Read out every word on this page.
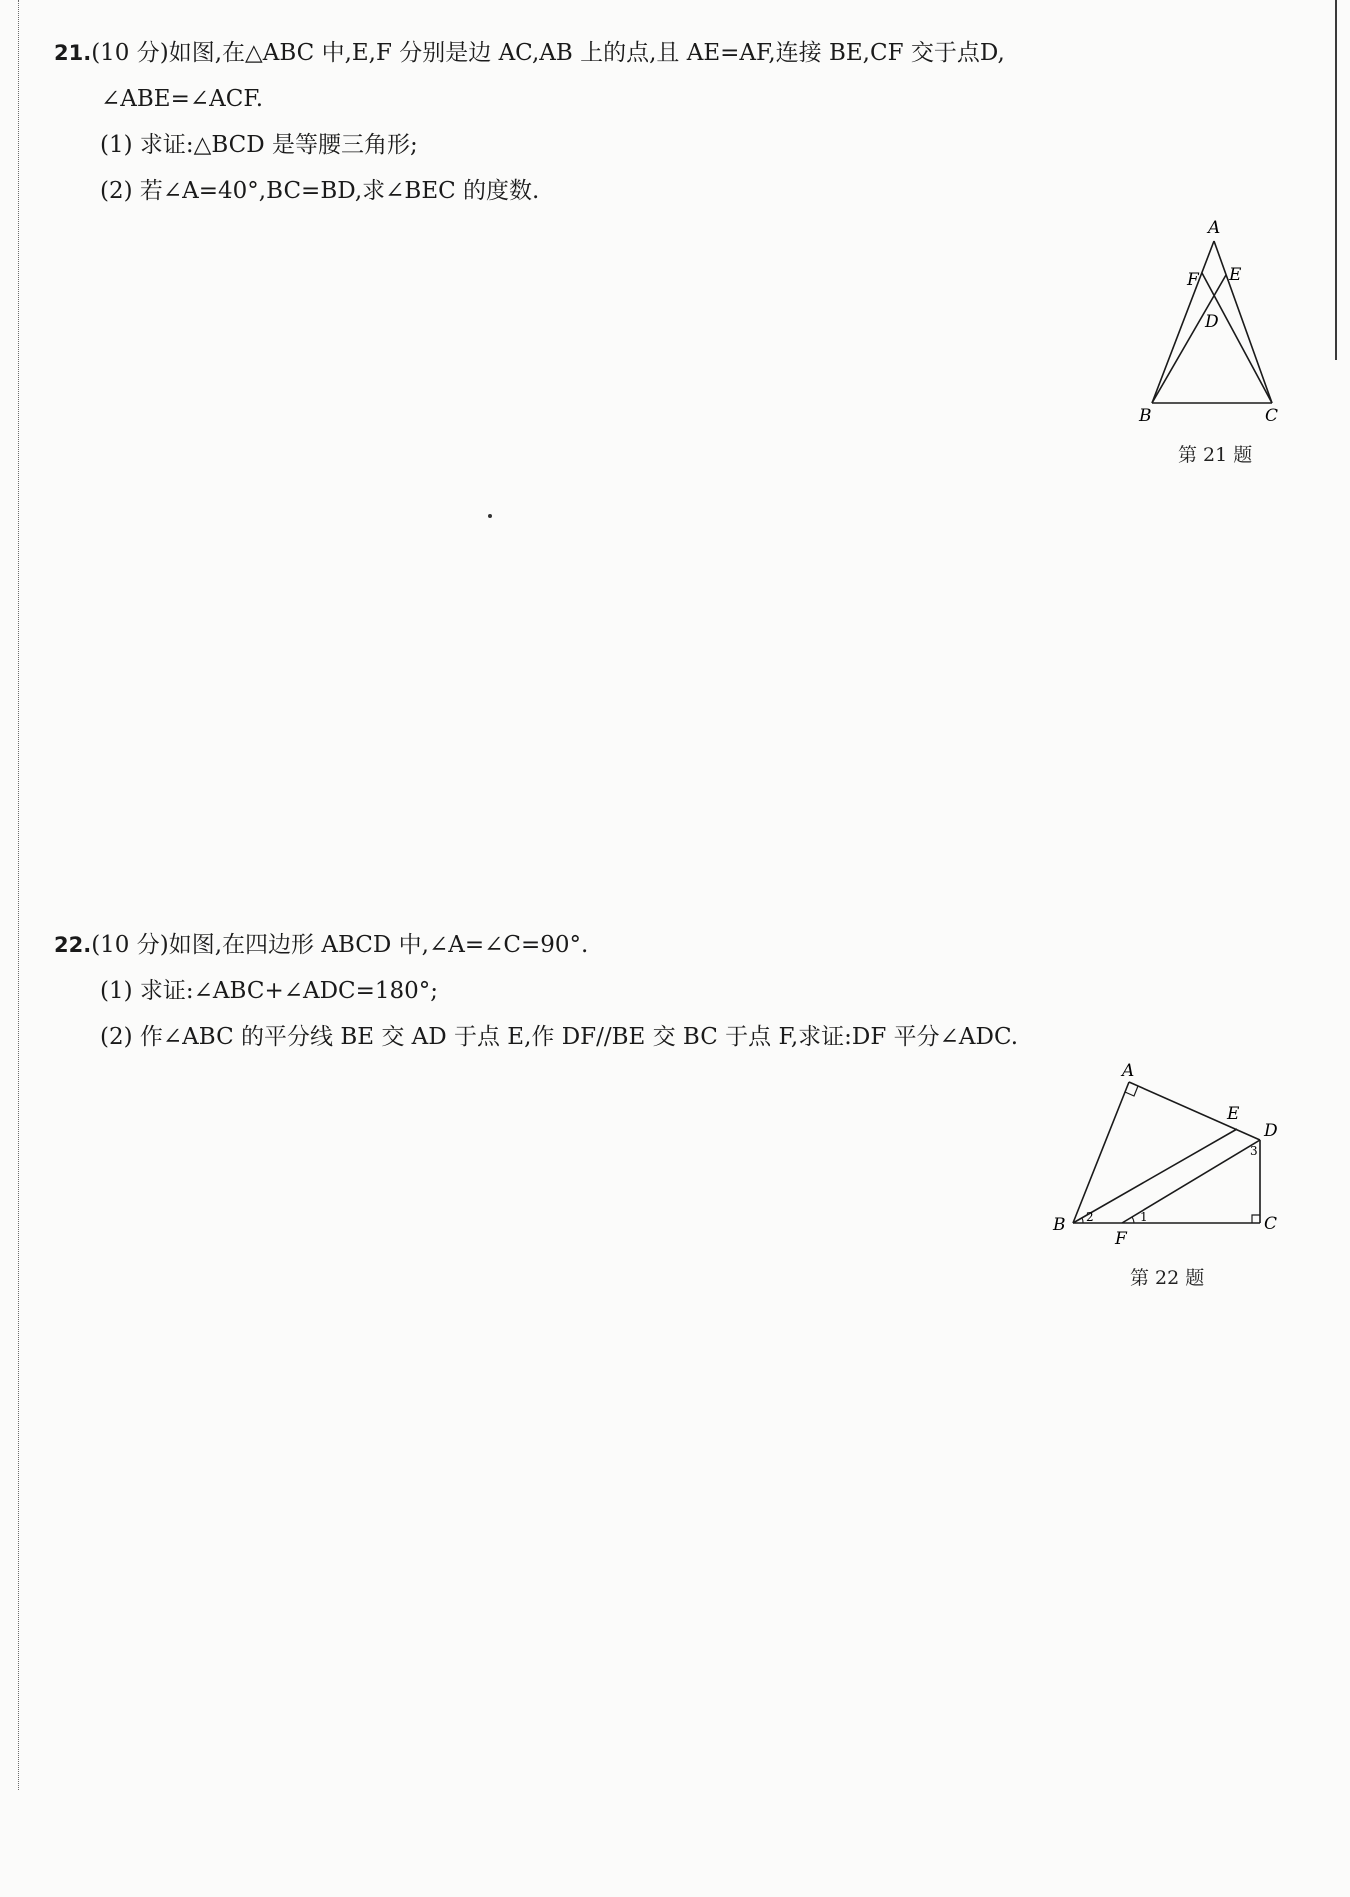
21.(10 分)如图,在△ABC 中,E,F 分别是边 AC,AB 上的点,且 AE=AF,连接 BE,CF 交于点D,
∠ABE=∠ACF.
(1) 求证:△BCD 是等腰三角形;
(2) 若∠A=40°,BC=BD,求∠BEC 的度数.
A
B	C
D
E
F
第 21 题
22.(10 分)如图,在四边形 ABCD 中,∠A=∠C=90°.
(1) 求证:∠ABC+∠ADC=180°;
(2) 作∠ABC 的平分线 BE 交 AD 于点 E,作 DF//BE 交 BC 于点 F,求证:DF 平分∠ADC.
A
B	C
D
E
F
1
2
3
第 22 题
